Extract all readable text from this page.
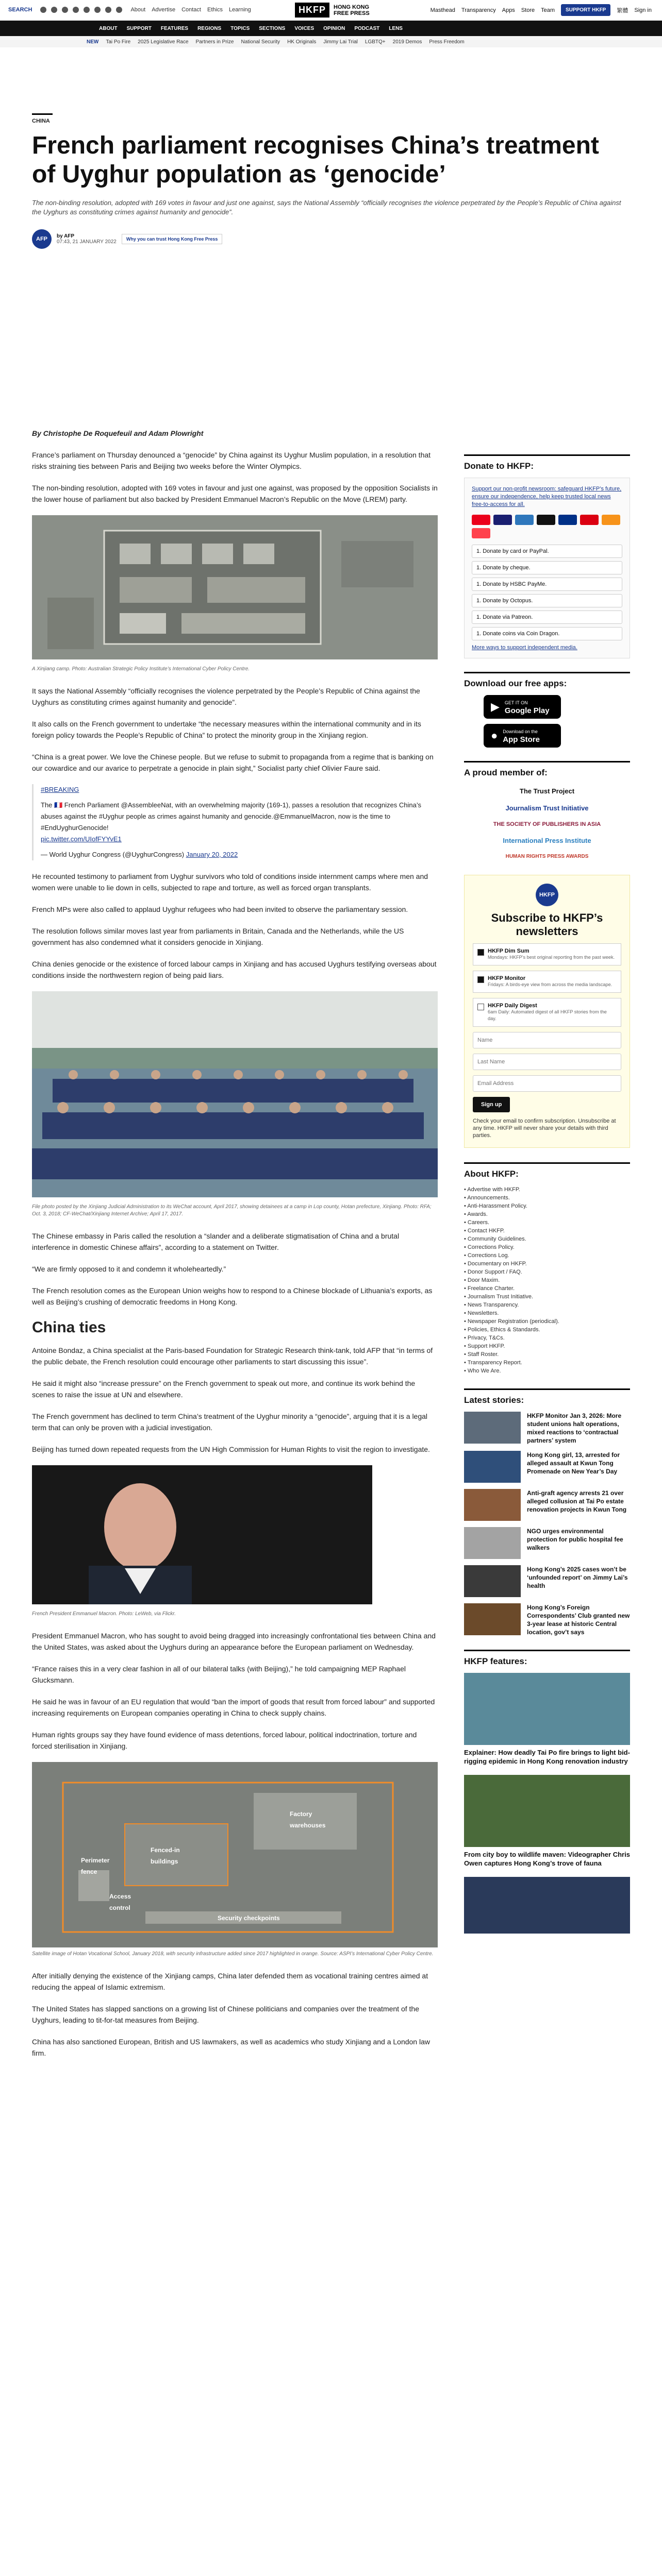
SEARCH	About Advertise Contact Ethics Learning	HKFP	HONG KONG
FREE PRESS	Masthead Transparency Apps Store Team	SUPPORT HKFP	繁體 Sign in
ABOUT SUPPORT FEATURES REGIONS TOPICS SECTIONS VOICES OPINION PODCAST LENS
NEW Tai Po Fire 2025 Legislative Race Partners in Prize National Security HK Originals Jimmy Lai Trial LGBTQ+ 2019 Demos Press Freedom
CHINA
French parliament recognises China’s treatment of Uyghur population as ‘genocide’

The non-binding resolution, adopted with 169 votes in favour and just one against, says the National Assembly “officially recognises the violence perpetrated by the People’s Republic of China against the Uyghurs as constituting crimes against humanity and genocide”.

AFP	by AFP
07:43, 21 JANUARY 2022	Why you can trust Hong Kong Free Press

By Christophe De Roquefeuil and Adam Plowright

France’s parliament on Thursday denounced a “genocide” by China against its Uyghur Muslim population, in a resolution that risks straining ties between Paris and Beijing two weeks before the Winter Olympics.

The non-binding resolution, adopted with 169 votes in favour and just one against, was proposed by the opposition Socialists in the lower house of parliament but also backed by President Emmanuel Macron’s Republic on the Move (LREM) party.

A Xinjiang camp. Photo: Australian Strategic Policy Institute’s International Cyber Policy Centre.

It says the National Assembly “officially recognises the violence perpetrated by the People’s Republic of China against the Uyghurs as constituting crimes against humanity and genocide”.

It also calls on the French government to undertake “the necessary measures within the international community and in its foreign policy towards the People’s Republic of China” to protect the minority group in the Xinjiang region.

“China is a great power. We love the Chinese people. But we refuse to submit to propaganda from a regime that is banking on our cowardice and our avarice to perpetrate a genocide in plain sight,” Socialist party chief Olivier Faure said.

#BREAKING
The 🇫🇷 French Parliament @AssembleeNat, with an overwhelming majority (169-1), passes a resolution that recognizes China’s abuses against the #Uyghur people as crimes against humanity and genocide.@EmmanuelMacron, now is the time to #EndUyghurGenocide!
pic.twitter.com/UIofFYYvE1
— World Uyghur Congress (@UyghurCongress) January 20, 2022

He recounted testimony to parliament from Uyghur survivors who told of conditions inside internment camps where men and women were unable to lie down in cells, subjected to rape and torture, as well as forced organ transplants.

French MPs were also called to applaud Uyghur refugees who had been invited to observe the parliamentary session.

The resolution follows similar moves last year from parliaments in Britain, Canada and the Netherlands, while the US government has also condemned what it considers genocide in Xinjiang.

China denies genocide or the existence of forced labour camps in Xinjiang and has accused Uyghurs testifying overseas about conditions inside the northwestern region of being paid liars.

File photo posted by the Xinjiang Judicial Administration to its WeChat account, April 2017, showing detainees at a camp in Lop county, Hotan prefecture, Xinjiang. Photo: RFA; Oct. 3, 2018; CF-WeChat/Xinjiang Internet Archive; April 17, 2017.

The Chinese embassy in Paris called the resolution a “slander and a deliberate stigmatisation of China and a brutal interference in domestic Chinese affairs”, according to a statement on Twitter.

“We are firmly opposed to it and condemn it wholeheartedly.”

The French resolution comes as the European Union weighs how to respond to a Chinese blockade of Lithuania’s exports, as well as Beijing’s crushing of democratic freedoms in Hong Kong.

China ties

Antoine Bondaz, a China specialist at the Paris-based Foundation for Strategic Research think-tank, told AFP that “in terms of the public debate, the French resolution could encourage other parliaments to start discussing this issue”.

He said it might also “increase pressure” on the French government to speak out more, and continue its work behind the scenes to raise the issue at UN and elsewhere.

The French government has declined to term China’s treatment of the Uyghur minority a “genocide”, arguing that it is a legal term that can only be proven with a judicial investigation.

Beijing has turned down repeated requests from the UN High Commission for Human Rights to visit the region to investigate.

French President Emmanuel Macron. Photo: LeWeb, via Flickr.

President Emmanuel Macron, who has sought to avoid being dragged into increasingly confrontational ties between China and the United States, was asked about the Uyghurs during an appearance before the European parliament on Wednesday.

“France raises this in a very clear fashion in all of our bilateral talks (with Beijing),” he told campaigning MEP Raphael Glucksmann.

He said he was in favour of an EU regulation that would “ban the import of goods that result from forced labour” and supported increasing requirements on European companies operating in China to check supply chains.

Human rights groups say they have found evidence of mass detentions, forced labour, political indoctrination, torture and forced sterilisation in Xinjiang.

Factory warehouses
Fenced-in buildings
Perimeter fence
Access control
Security checkpoints
Satellite image of Hotan Vocational School, January 2018, with security infrastructure added since 2017 highlighted in orange. Source: ASPI’s International Cyber Policy Centre.

After initially denying the existence of the Xinjiang camps, China later defended them as vocational training centres aimed at reducing the appeal of Islamic extremism.

The United States has slapped sanctions on a growing list of Chinese politicians and companies over the treatment of the Uyghurs, leading to tit-for-tat measures from Beijing.

China has also sanctioned European, British and US lawmakers, as well as academics who study Xinjiang and a London law firm.

Donate to HKFP:
Support our non-profit newsroom: safeguard HKFP’s future, ensure our independence, help keep trusted local news free-to-access for all.
1. Donate by card or PayPal.
1. Donate by cheque.
1. Donate by HSBC PayMe.
1. Donate by Octopus.
1. Donate via Patreon.
1. Donate coins via Coin Dragon.
More ways to support independent media.
Download our free apps:
▶ GET IT ON
Google Play
● Download on the
App Store
A proud member of:
The Trust Project
Journalism Trust Initiative
THE SOCIETY OF PUBLISHERS IN ASIA
International Press Institute
HUMAN RIGHTS PRESS AWARDS
HKFP
Subscribe to HKFP’s newsletters
HKFP Dim Sum
Mondays: HKFP’s best original reporting from the past week.
HKFP Monitor
Fridays: A birds-eye view from across the media landscape.
HKFP Daily Digest
6am Daily: Automated digest of all HKFP stories from the day.
Name Last Name Email Address
Sign up
Check your email to confirm subscription. Unsubscribe at any time. HKFP will never share your details with third parties.
About HKFP:
• Advertise with HKFP.
• Announcements.
• Anti-Harassment Policy.
• Awards.
• Careers.
• Contact HKFP.
• Community Guidelines.
• Corrections Policy.
• Corrections Log.
• Documentary on HKFP.
• Donor Support / FAQ.
• Door Maxim.
• Freelance Charter.
• Journalism Trust Initiative.
• News Transparency.
• Newsletters.
• Newspaper Registration (periodical).
• Policies, Ethics & Standards.
• Privacy, T&Cs.
• Support HKFP.
• Staff Roster.
• Transparency Report.
• Who We Are.
Latest stories:
HKFP Monitor Jan 3, 2026: More student unions halt operations, mixed reactions to ‘contractual partners’ system
Hong Kong girl, 13, arrested for alleged assault at Kwun Tong Promenade on New Year’s Day
Anti-graft agency arrests 21 over alleged collusion at Tai Po estate renovation projects in Kwun Tong
NGO urges environmental protection for public hospital fee walkers
Hong Kong’s 2025 cases won’t be ‘unfounded report’ on Jimmy Lai’s health
Hong Kong’s Foreign Correspondents’ Club granted new 3-year lease at historic Central location, gov’t says
HKFP features:
Explainer: How deadly Tai Po fire brings to light bid-rigging epidemic in Hong Kong renovation industry
From city boy to wildlife maven: Videographer Chris Owen captures Hong Kong’s trove of fauna
